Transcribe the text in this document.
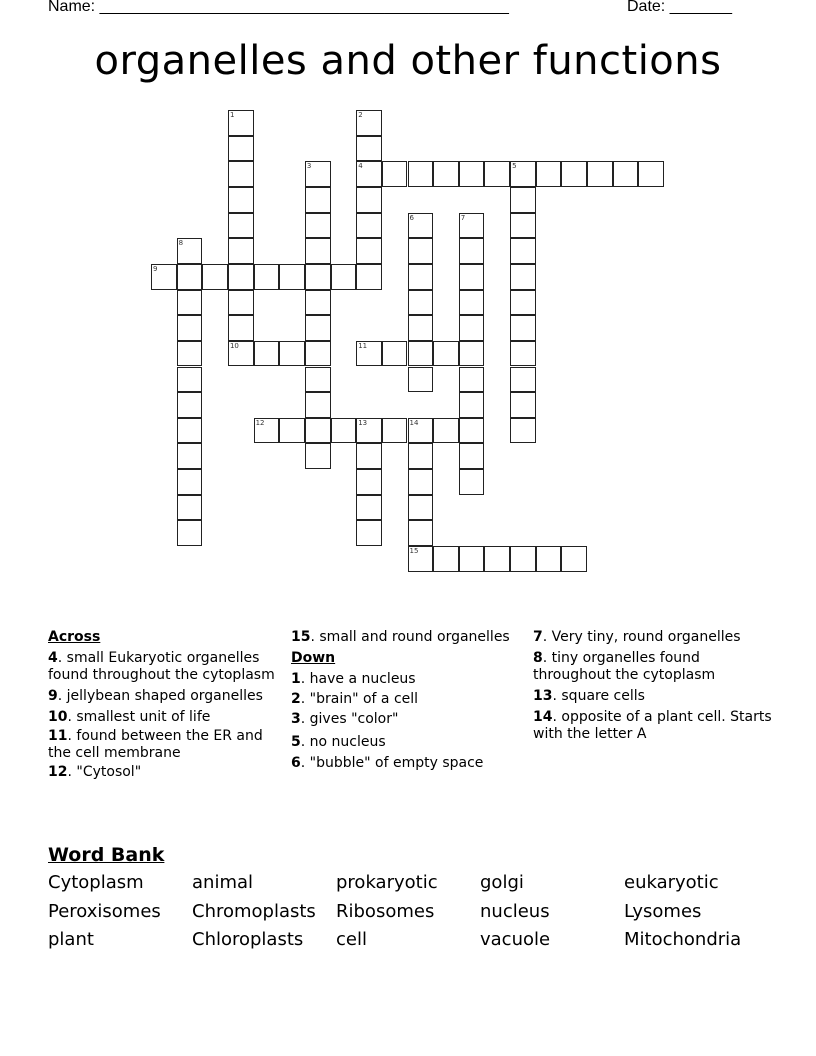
Name: ______________________________________________	Date: _______
organelles and other functions
1
10
2
4
3	5
6	7
8
9
11
12	13	14
15
Across
4. small Eukaryotic organelles found throughout the cytoplasm
9. jellybean shaped organelles
10. smallest unit of life
11. found between the ER and the cell membrane
12. "Cytosol"
15. small and round organelles
Down
1. have a nucleus
2. "brain" of a cell
3. gives "color"
5. no nucleus
6. "bubble" of empty space
7. Very tiny, round organelles
8. tiny organelles found throughout the cytoplasm
13. square cells
14. opposite of a plant cell. Starts with the letter A
Word Bank
Cytoplasm	animal	prokaryotic	golgi	eukaryotic
Peroxisomes	Chromoplasts	Ribosomes	nucleus	Lysomes
plant	Chloroplasts	cell	vacuole	Mitochondria
